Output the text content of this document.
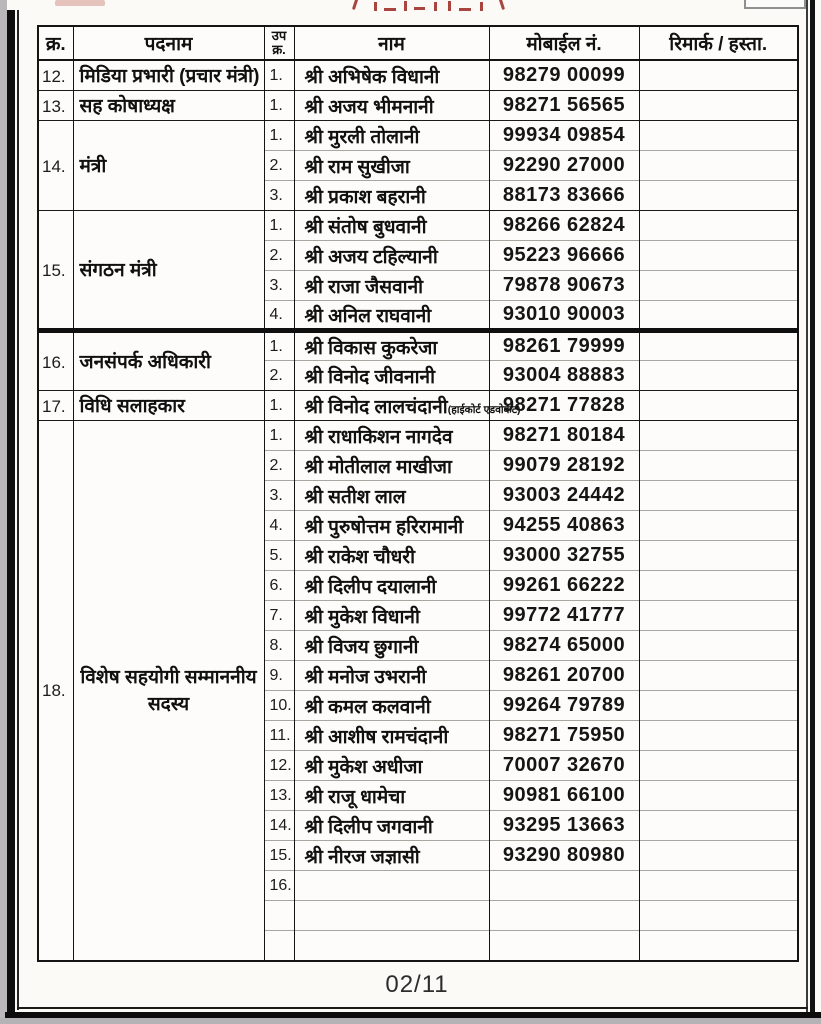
क्र.	पदनाम	उप क्र.	नाम	मोबाईल नं.	रिमार्क / हस्ता.
12.	मिडिया प्रभारी (प्रचार मंत्री)	1.	श्री अभिषेक विधानी	98279 00099	
13.	सह कोषाध्यक्ष	1.	श्री अजय भीमनानी	98271 56565	
14.	मंत्री	1.	श्री मुरली तोलानी	99934 09854	
		2.	श्री राम सुखीजा	92290 27000	
		3.	श्री प्रकाश बहरानी	88173 83666	
15.	संगठन मंत्री	1.	श्री संतोष बुधवानी	98266 62824	
		2.	श्री अजय टहिल्यानी	95223 96666	
		3.	श्री राजा जैसवानी	79878 90673	
		4.	श्री अनिल राघवानी	93010 90003	
16.	जनसंपर्क अधिकारी	1.	श्री विकास कुकरेजा	98261 79999	
		2.	श्री विनोद जीवनानी	93004 88883	
17.	विधि सलाहकार	1.	श्री विनोद लालचंदानी(हाईकोर्ट एडवोकेट)	98271 77828	
18.	विशेष सहयोगी सम्माननीय सदस्य	1.	श्री राधाकिशन नागदेव	98271 80184	
		2.	श्री मोतीलाल माखीजा	99079 28192	
		3.	श्री सतीश लाल	93003 24442	
		4.	श्री पुरुषोत्तम हरिरामानी	94255 40863	
		5.	श्री राकेश चौधरी	93000 32755	
		6.	श्री दिलीप दयालानी	99261 66222	
		7.	श्री मुकेश विधानी	99772 41777	
		8.	श्री विजय छुगानी	98274 65000	
		9.	श्री मनोज उभरानी	98261 20700	
		10.	श्री कमल कलवानी	99264 79789	
		11.	श्री आशीष रामचंदानी	98271 75950	
		12.	श्री मुकेश अधीजा	70007 32670	
		13.	श्री राजू धामेचा	90981 66100	
		14.	श्री दिलीप जगवानी	93295 13663	
		15.	श्री नीरज जज्ञासी	93290 80980	
		16.			

02/11
